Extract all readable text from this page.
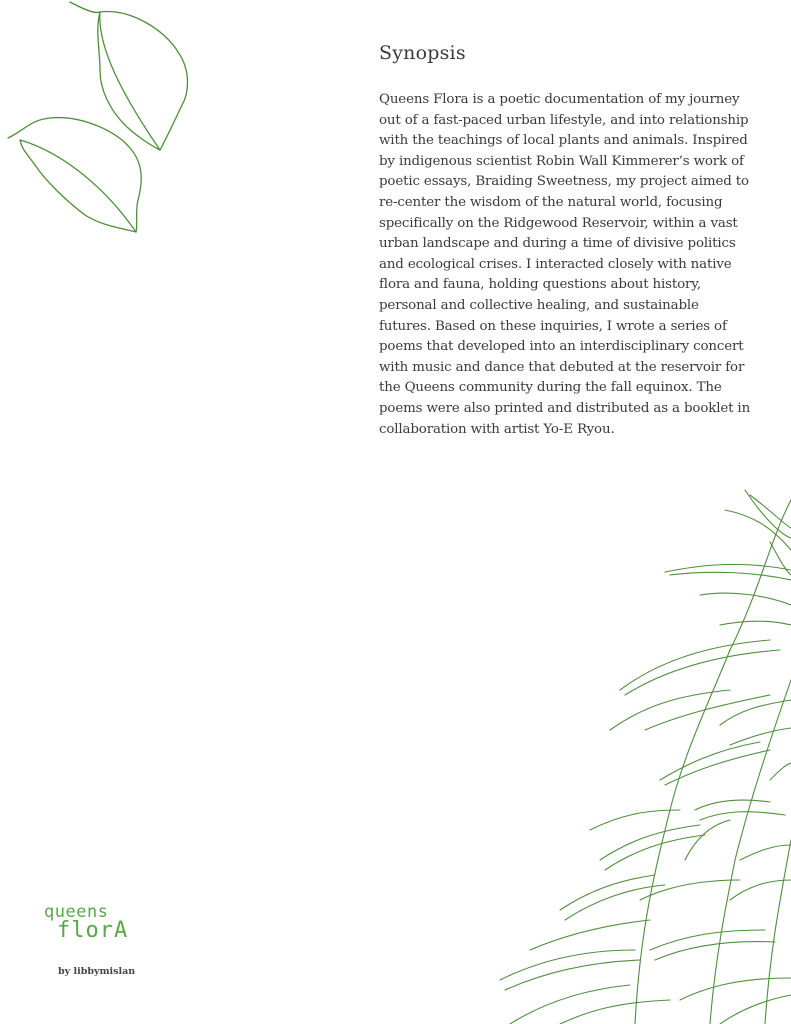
Synopsis

Queens Flora is a poetic documentation of my journey out of a fast-paced urban lifestyle, and into relationship with the teachings of local plants and animals. Inspired by indigenous scientist Robin Wall Kimmerer’s work of poetic essays, Braiding Sweetness, my project aimed to re-center the wisdom of the natural world, focusing specifically on the Ridgewood Reservoir, within a vast urban landscape and during a time of divisive politics and ecological crises. I interacted closely with native flora and fauna, holding questions about history, personal and collective healing, and sustainable futures. Based on these inquiries, I wrote a series of poems that developed into an interdisciplinary concert with music and dance that debuted at the reservoir for the Queens community during the fall equinox. The poems were also printed and distributed as a booklet in collaboration with artist Yo-E Ryou.

queens
florA
by libbymislan
